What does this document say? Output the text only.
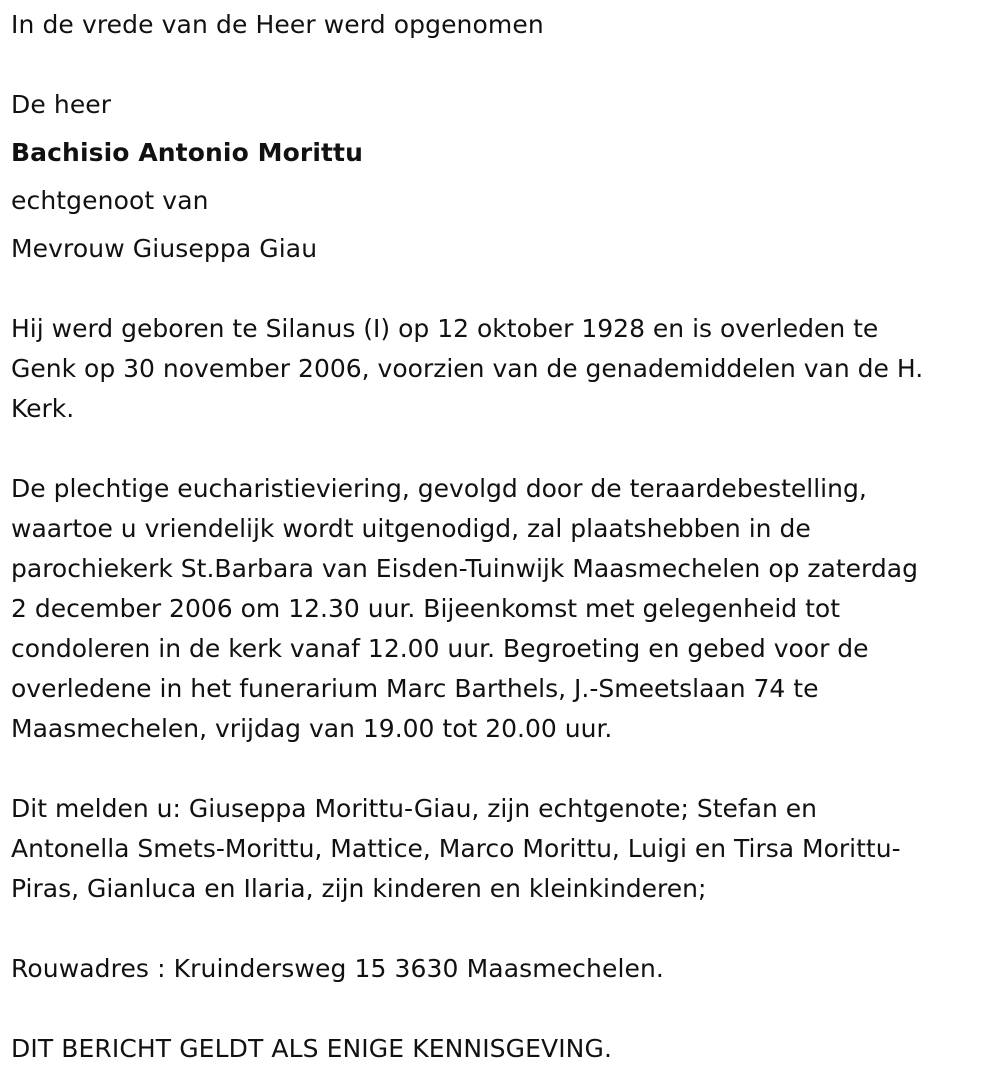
In de vrede van de Heer werd opgenomen

De heer

Bachisio Antonio Morittu

echtgenoot van

Mevrouw Giuseppa Giau

Hij werd geboren te Silanus (I) op 12 oktober 1928 en is overleden te
Genk op 30 november 2006, voorzien van de genademiddelen van de H.
Kerk.
De plechtige eucharistieviering, gevolgd door de teraardebestelling,
waartoe u vriendelijk wordt uitgenodigd, zal plaatshebben in de
parochiekerk St.Barbara van Eisden-Tuinwijk Maasmechelen op zaterdag
2 december 2006 om 12.30 uur. Bijeenkomst met gelegenheid tot
condoleren in de kerk vanaf 12.00 uur. Begroeting en gebed voor de
overledene in het funerarium Marc Barthels, J.-Smeetslaan 74 te
Maasmechelen, vrijdag van 19.00 tot 20.00 uur.
Dit melden u: Giuseppa Morittu-Giau, zijn echtgenote; Stefan en
Antonella Smets-Morittu, Mattice, Marco Morittu, Luigi en Tirsa Morittu-
Piras, Gianluca en Ilaria, zijn kinderen en kleinkinderen;

Rouwadres : Kruindersweg 15 3630 Maasmechelen.

DIT BERICHT GELDT ALS ENIGE KENNISGEVING.
